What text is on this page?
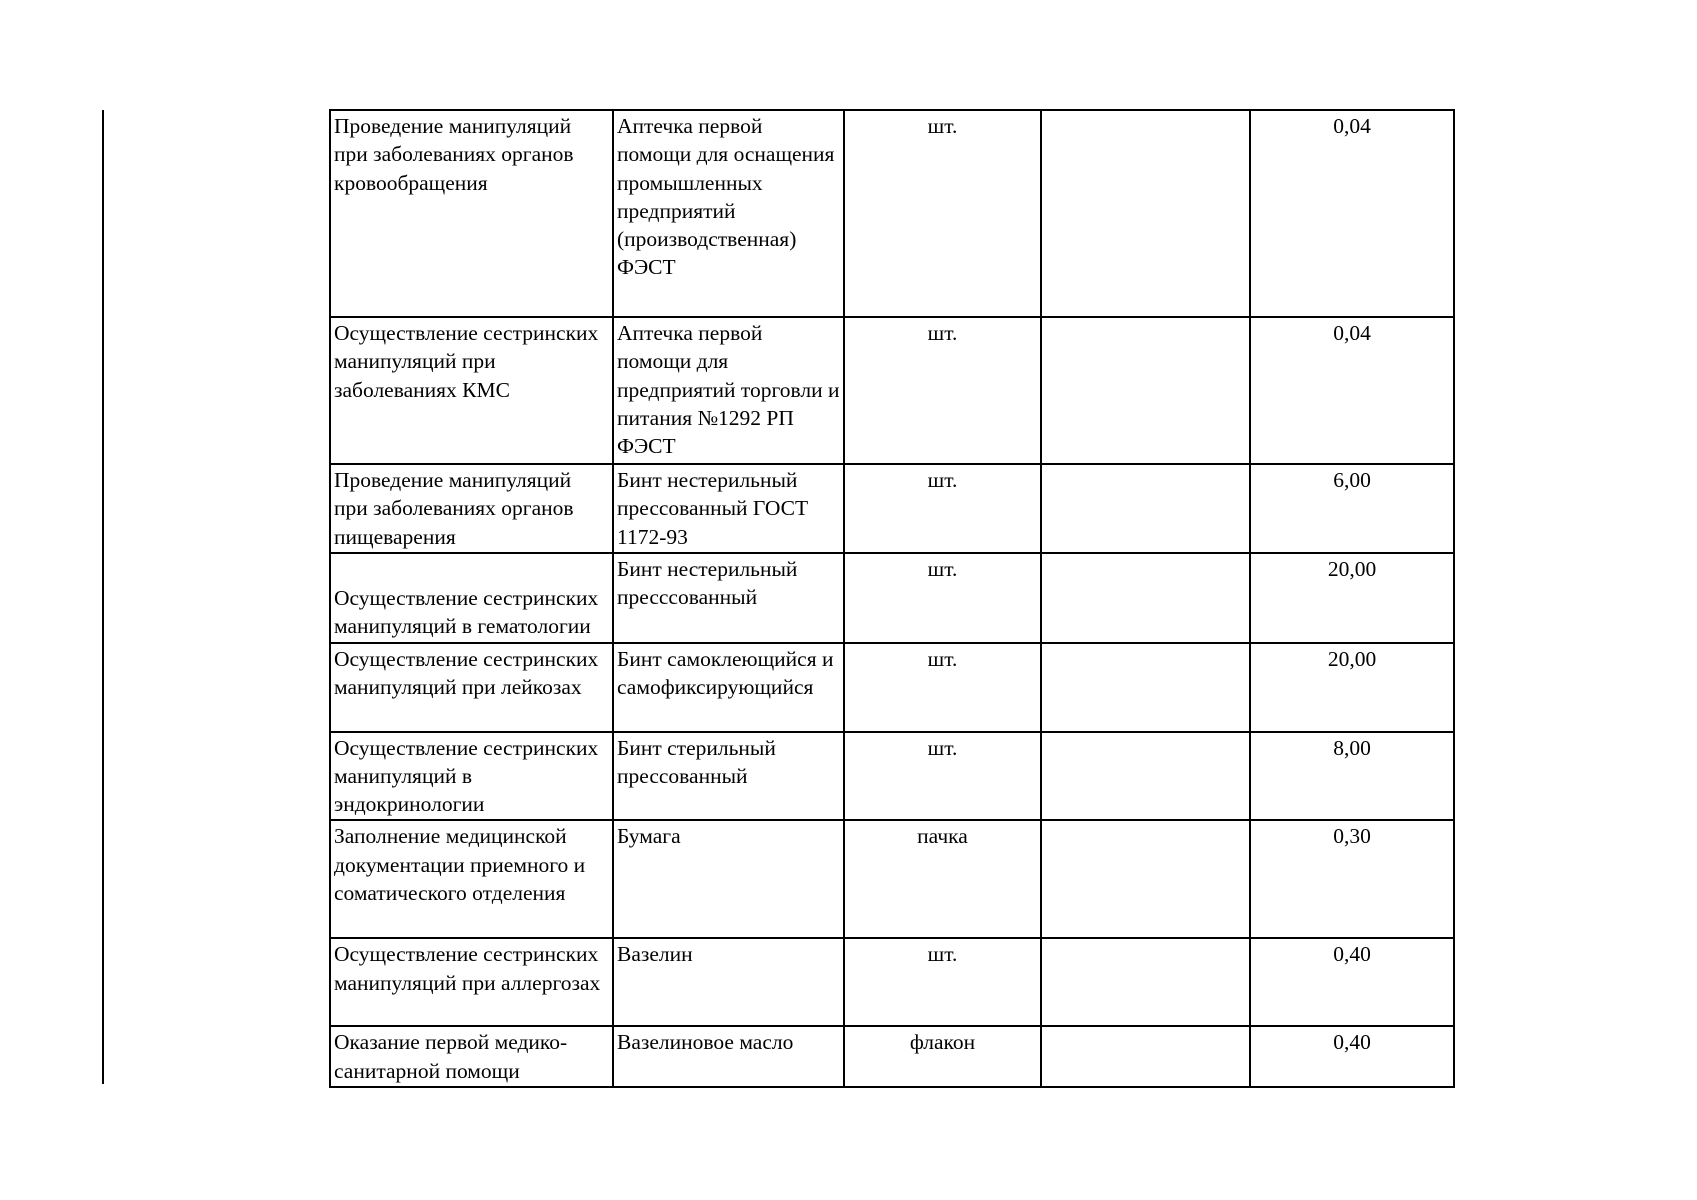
Проведение манипуляций при заболеваниях органов кровообращения	Аптечка первой помощи для оснащения промышленных предприятий (производственная) ФЭСТ	шт.		0,04
Осуществление сестринских манипуляций при заболеваниях КМС	Аптечка первой помощи для предприятий торговли и питания №1292 РП ФЭСТ	шт.		0,04
Проведение манипуляций при заболеваниях органов пищеварения	Бинт нестерильный прессованный ГОСТ 1172-93	шт.		6,00
Осуществление сестринских манипуляций в гематологии	Бинт нестерильный пресссованный	шт.		20,00
Осуществление сестринских манипуляций при лейкозах	Бинт самоклеющийся и самофиксирующийся	шт.		20,00
Осуществление сестринских манипуляций в эндокринологии	Бинт стерильный прессованный	шт.		8,00
Заполнение медицинской документации приемного и соматического отделения	Бумага	пачка		0,30
Осуществление сестринских манипуляций при аллергозах	Вазелин	шт.		0,40
Оказание первой медико-санитарной помощи	Вазелиновое масло	флакон		0,40
